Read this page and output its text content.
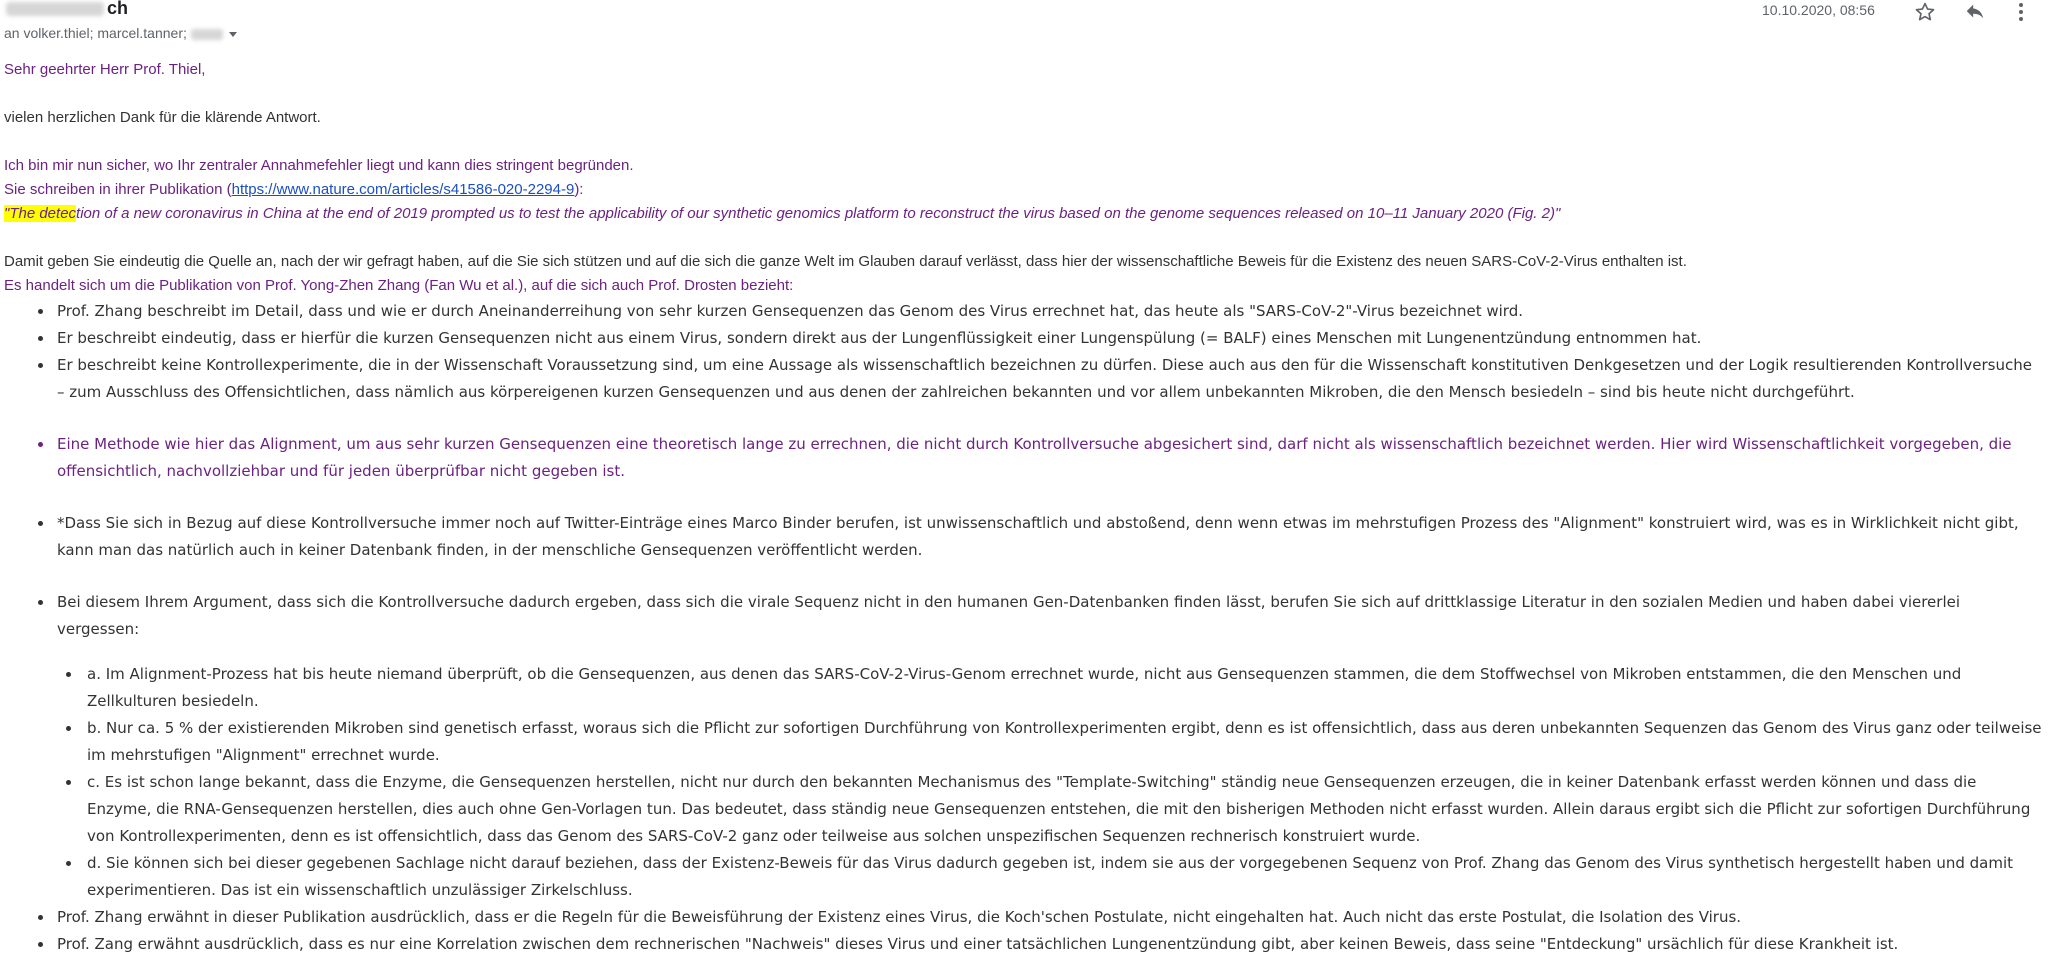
ch
an volker.thiel; marcel.tanner;
10.10.2020, 08:56

Sehr geehrter Herr Prof. Thiel,

vielen herzlichen Dank für die klärende Antwort.

Ich bin mir nun sicher, wo Ihr zentraler Annahmefehler liegt und kann dies stringent begründen.

Sie schreiben in ihrer Publikation (https://www.nature.com/articles/s41586-020-2294-9):

"The detection of a new coronavirus in China at the end of 2019 prompted us to test the applicability of our synthetic genomics platform to reconstruct the virus based on the genome sequences released on 10–11 January 2020 (Fig. 2)"

Damit geben Sie eindeutig die Quelle an, nach der wir gefragt haben, auf die Sie sich stützen und auf die sich die ganze Welt im Glauben darauf verlässt, dass hier der wissenschaftliche Beweis für die Existenz des neuen SARS-CoV-2-Virus enthalten ist.

Es handelt sich um die Publikation von Prof. Yong-Zhen Zhang (Fan Wu et al.), auf die sich auch Prof. Drosten bezieht:

• Prof. Zhang beschreibt im Detail, dass und wie er durch Aneinanderreihung von sehr kurzen Gensequenzen das Genom des Virus errechnet hat, das heute als "SARS-CoV-2"-Virus bezeichnet wird.
• Er beschreibt eindeutig, dass er hierfür die kurzen Gensequenzen nicht aus einem Virus, sondern direkt aus der Lungenflüssigkeit einer Lungenspülung (= BALF) eines Menschen mit Lungenentzündung entnommen hat.
• Er beschreibt keine Kontrollexperimente, die in der Wissenschaft Voraussetzung sind, um eine Aussage als wissenschaftlich bezeichnen zu dürfen. Diese auch aus den für die Wissenschaft konstitutiven Denkgesetzen und der Logik resultierenden Kontrollversuche – zum Ausschluss des Offensichtlichen, dass nämlich aus körpereigenen kurzen Gensequenzen und aus denen der zahlreichen bekannten und vor allem unbekannten Mikroben, die den Mensch besiedeln – sind bis heute nicht durchgeführt.
• Eine Methode wie hier das Alignment, um aus sehr kurzen Gensequenzen eine theoretisch lange zu errechnen, die nicht durch Kontrollversuche abgesichert sind, darf nicht als wissenschaftlich bezeichnet werden. Hier wird Wissenschaftlichkeit vorgegeben, die offensichtlich, nachvollziehbar und für jeden überprüfbar nicht gegeben ist.
• *Dass Sie sich in Bezug auf diese Kontrollversuche immer noch auf Twitter-Einträge eines Marco Binder berufen, ist unwissenschaftlich und abstoßend, denn wenn etwas im mehrstufigen Prozess des "Alignment" konstruiert wird, was es in Wirklichkeit nicht gibt, kann man das natürlich auch in keiner Datenbank finden, in der menschliche Gensequenzen veröffentlicht werden.
• Bei diesem Ihrem Argument, dass sich die Kontrollversuche dadurch ergeben, dass sich die virale Sequenz nicht in den humanen Gen-Datenbanken finden lässt, berufen Sie sich auf drittklassige Literatur in den sozialen Medien und haben dabei viererlei vergessen:
• a. Im Alignment-Prozess hat bis heute niemand überprüft, ob die Gensequenzen, aus denen das SARS-CoV-2-Virus-Genom errechnet wurde, nicht aus Gensequenzen stammen, die dem Stoffwechsel von Mikroben entstammen, die den Menschen und Zellkulturen besiedeln.
• b. Nur ca. 5 % der existierenden Mikroben sind genetisch erfasst, woraus sich die Pflicht zur sofortigen Durchführung von Kontrollexperimenten ergibt, denn es ist offensichtlich, dass aus deren unbekannten Sequenzen das Genom des Virus ganz oder teilweise im mehrstufigen "Alignment" errechnet wurde.
• c. Es ist schon lange bekannt, dass die Enzyme, die Gensequenzen herstellen, nicht nur durch den bekannten Mechanismus des "Template-Switching" ständig neue Gensequenzen erzeugen, die in keiner Datenbank erfasst werden können und dass die Enzyme, die RNA-Gensequenzen herstellen, dies auch ohne Gen-Vorlagen tun. Das bedeutet, dass ständig neue Gensequenzen entstehen, die mit den bisherigen Methoden nicht erfasst wurden. Allein daraus ergibt sich die Pflicht zur sofortigen Durchführung von Kontrollexperimenten, denn es ist offensichtlich, dass das Genom des SARS-CoV-2 ganz oder teilweise aus solchen unspezifischen Sequenzen rechnerisch konstruiert wurde.
• d. Sie können sich bei dieser gegebenen Sachlage nicht darauf beziehen, dass der Existenz-Beweis für das Virus dadurch gegeben ist, indem sie aus der vorgegebenen Sequenz von Prof. Zhang das Genom des Virus synthetisch hergestellt haben und damit experimentieren. Das ist ein wissenschaftlich unzulässiger Zirkelschluss.
• Prof. Zhang erwähnt in dieser Publikation ausdrücklich, dass er die Regeln für die Beweisführung der Existenz eines Virus, die Koch'schen Postulate, nicht eingehalten hat. Auch nicht das erste Postulat, die Isolation des Virus.
• Prof. Zang erwähnt ausdrücklich, dass es nur eine Korrelation zwischen dem rechnerischen "Nachweis" dieses Virus und einer tatsächlichen Lungenentzündung gibt, aber keinen Beweis, dass seine "Entdeckung" ursächlich für diese Krankheit ist.
